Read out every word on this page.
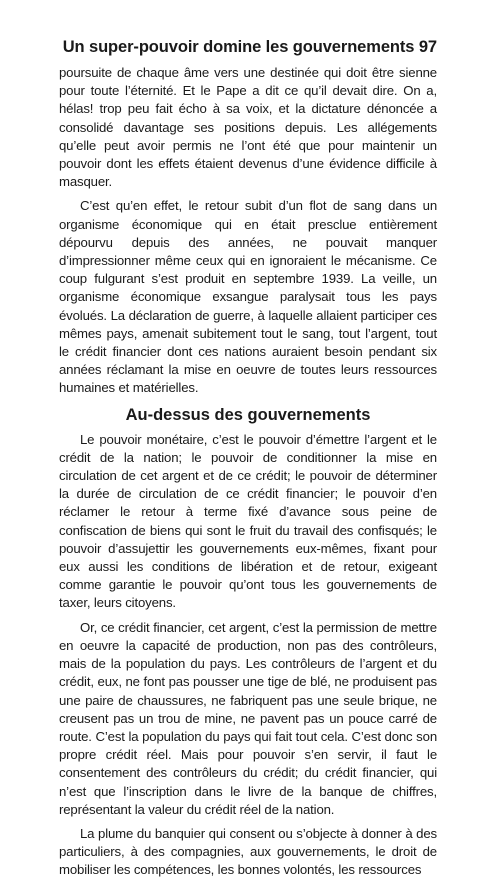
Un super-pouvoir domine les gouvernements 97

poursuite de chaque âme vers une destinée qui doit être sienne pour toute l’éternité. Et le Pape a dit ce qu’il devait dire. On a, hélas! trop peu fait écho à sa voix, et la dictature dénoncée a consolidé davantage ses positions depuis. Les allégements qu’elle peut avoir permis ne l’ont été que pour maintenir un pouvoir dont les effets étaient devenus d’une évidence difficile à masquer.

C’est qu’en effet, le retour subit d’un flot de sang dans un organisme économique qui en était presclue entièrement dépourvu depuis des années, ne pouvait manquer d’impressionner même ceux qui en ignoraient le mécanisme. Ce coup fulgurant s’est produit en septembre 1939. La veille, un organisme économique exsangue paralysait tous les pays évolués. La déclaration de guerre, à laquelle allaient participer ces mêmes pays, amenait subitement tout le sang, tout l’argent, tout le crédit financier dont ces nations auraient besoin pendant six années réclamant la mise en oeuvre de toutes leurs ressources humaines et matérielles.

Au-dessus des gouvernements

Le pouvoir monétaire, c’est le pouvoir d’émettre l’argent et le crédit de la nation; le pouvoir de conditionner la mise en circulation de cet argent et de ce crédit; le pouvoir de déterminer la durée de circulation de ce crédit financier; le pouvoir d’en réclamer le retour à terme fixé d’avance sous peine de confiscation de biens qui sont le fruit du travail des confisqués; le pouvoir d’assujettir les gouvernements eux-mêmes, fixant pour eux aussi les conditions de libération et de retour, exigeant comme garantie le pouvoir qu’ont tous les gouvernements de taxer, leurs citoyens.

Or, ce crédit financier, cet argent, c’est la permission de mettre en oeuvre la capacité de production, non pas des contrôleurs, mais de la population du pays. Les contrôleurs de l’argent et du crédit, eux, ne font pas pousser une tige de blé, ne produisent pas une paire de chaussures, ne fabriquent pas une seule brique, ne creusent pas un trou de mine, ne pavent pas un pouce carré de route. C’est la population du pays qui fait tout cela. C’est donc son propre crédit réel. Mais pour pouvoir s’en servir, il faut le consentement des contrôleurs du crédit; du crédit financier, qui n’est que l’inscription dans le livre de la banque de chiffres, représentant la valeur du crédit réel de la nation.

La plume du banquier qui consent ou s’objecte à donner à des particuliers, à des compagnies, aux gouvernements, le droit de mobiliser les compétences, les bonnes volontés, les ressources
